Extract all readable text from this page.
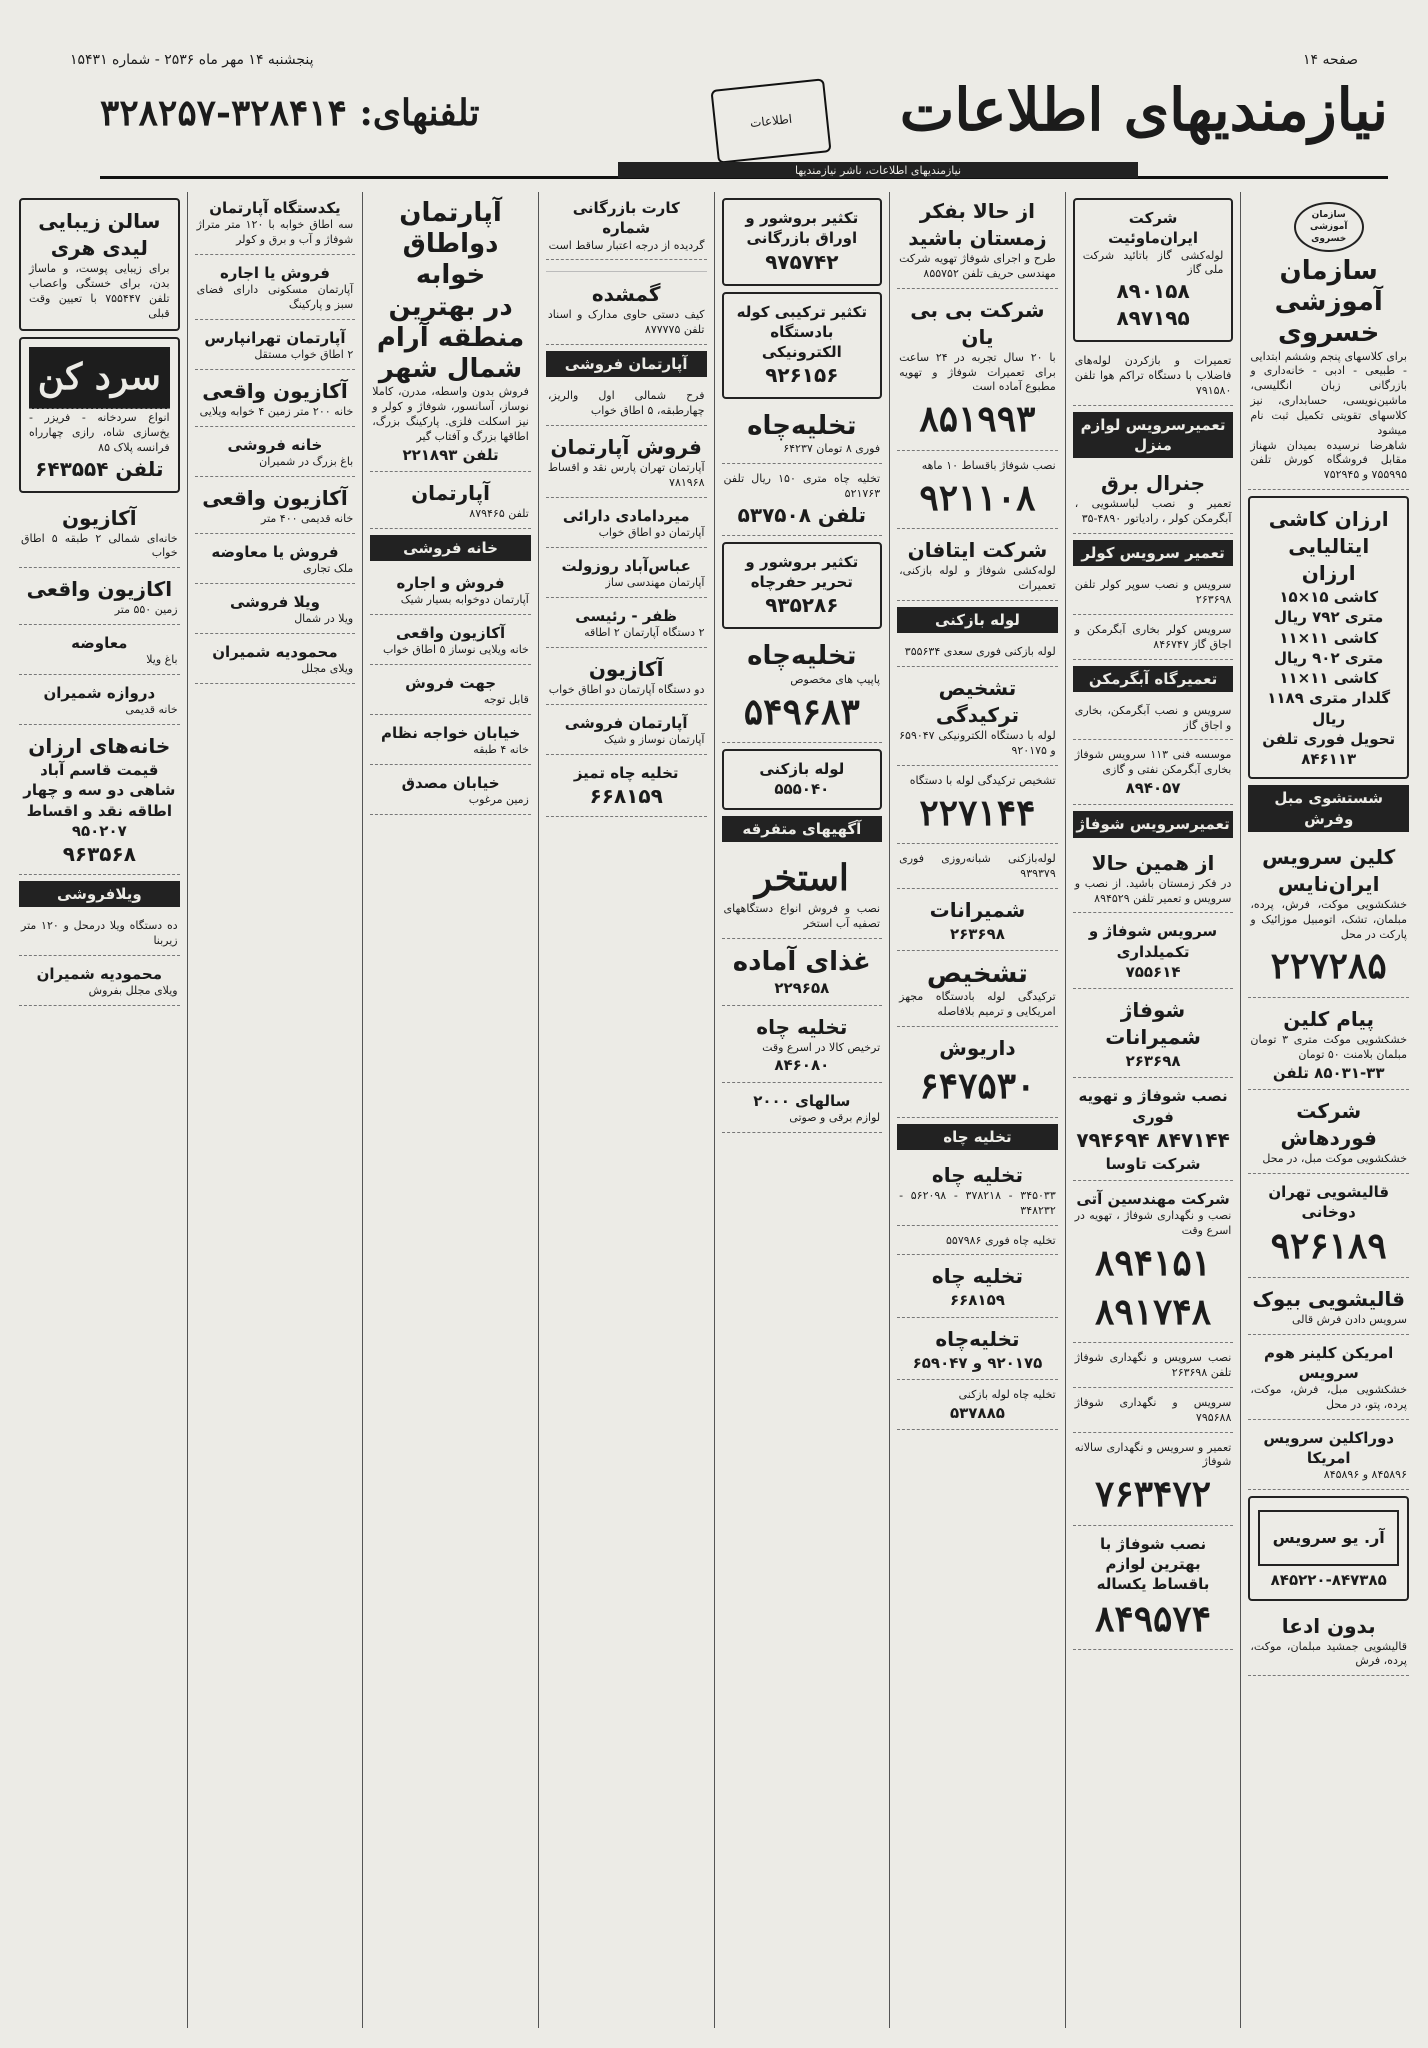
صفحه ۱۴
پنجشنبه ۱۴ مهر ماه ۲۵۳۶ - شماره ۱۵۴۳۱
نیازمندیهای اطلاعات
اطلاعات
تلفنهای: ۳۲۸۴۱۴-۳۲۸۲۵۷
نیازمندیهای اطلاعات، ناشر نیازمندیها
سازمان آموزشی خسروی
سازمان آموزشی خسروی
برای کلاسهای پنجم وششم ابتدایی - طبیعی - ادبی - خانه‌داری و بازرگانی زبان انگلیسی، ماشین‌نویسی، حسابداری، نیز کلاسهای تقویتی تکمیل ثبت نام میشود
شاهرضا نرسیده بمیدان شهناز مقابل فروشگاه کورش تلفن ۷۵۵۹۹۵ و ۷۵۲۹۴۵
ارزان کاشی ایتالیایی ارزان
کاشی ۱۵×۱۵ متری ۷۹۲ ریال
کاشی ۱۱×۱۱ متری ۹۰۲ ریال
کاشی ۱۱×۱۱ گلدار متری ۱۱۸۹ ریال
تحویل فوری تلفن ۸۴۶۱۱۳
شستشوی مبل وفرش
کلین سرویس ایران‌نایس
خشکشویی موکت، فرش، پرده، مبلمان، تشک، اتومبیل موزائیک و پارکت در محل
۲۲۷۲۸۵
پیام کلین
خشکشویی موکت متری ۳ تومان مبلمان بلامنت ۵۰ تومان
۸۵۰۳۱-۳۳ تلفن
شرکت فوردهاش
خشکشویی موکت مبل، در محل
قالیشویی تهران دوخانی
۹۲۶۱۸۹
قالیشویی بیوک
سرویس دادن فرش قالی
امریکن کلینر هوم سرویس
خشکشویی مبل، فرش، موکت، پرده، پتو، در محل
دوراکلین سرویس امریکا
۸۴۵۸۹۶ و ۸۴۵۸۹۶
آر. یو سرویس
۸۴۵۲۲۰-۸۴۷۳۸۵
بدون ادعا
قالیشویی جمشید مبلمان، موکت، پرده، فرش
شرکت ایران‌ماوئیت
لوله‌کشی گاز باتائید شرکت ملی گاز
۸۹۰۱۵۸ ۸۹۷۱۹۵
تعمیرات و بازکردن لوله‌های فاضلاب با دستگاه تراکم هوا تلفن ۷۹۱۵۸۰
تعمیرسرویس لوازم منزل
جنرال برق
تعمیر و نصب لباسشویی ، آبگرمکن کولر ، رادیاتور ۴۸۹۰-۳۵
تعمیر سرویس کولر
سرویس و نصب سوپر کولر تلفن ۲۶۳۶۹۸
سرویس کولر بخاری آبگرمکن و اجاق گاز ۸۴۶۷۴۷
تعمیرگاه آبگرمکن
سرویس و نصب آبگرمکن، بخاری و اجاق گاز
موسسه فنی ۱۱۳ سرویس شوفاژ بخاری آبگرمکن نفتی و گازی
۸۹۴۰۵۷
تعمیرسرویس شوفاژ
از همین حالا
در فکر زمستان باشید. از نصب و سرویس و تعمیر تلفن ۸۹۴۵۲۹
سرویس شوفاژ و تکمیلداری
۷۵۵۶۱۴
شوفاژ شمیرانات
۲۶۳۶۹۸
نصب شوفاژ و تهویه فوری
۸۴۷۱۴۴ ۷۹۴۶۹۴
شرکت تاوسا
شرکت مهندسین آتی
نصب و نگهداری شوفاژ ، تهویه در اسرع وقت
۸۹۴۱۵۱ ۸۹۱۷۴۸
نصب سرویس و نگهداری شوفاژ تلفن ۲۶۳۶۹۸
سرویس و نگهداری شوفاژ ۷۹۵۶۸۸
تعمیر و سرویس و نگهداری سالانه شوفاژ
۷۶۳۴۷۲
نصب شوفاژ با بهترین لوازم باقساط یکساله
۸۴۹۵۷۴
از حالا بفکر زمستان باشید
طرح و اجرای شوفاژ تهویه شرکت مهندسی حریف تلفن ۸۵۵۷۵۲
شرکت بی بی یان
با ۲۰ سال تجربه در ۲۴ ساعت برای تعمیرات شوفاژ و تهویه مطبوع آماده است
۸۵۱۹۹۳
نصب شوفاژ باقساط ۱۰ ماهه
۹۲۱۱۰۸
شرکت ایتافان
لوله‌کشی شوفاژ و لوله بازکنی، تعمیرات
لوله بازکنی
لوله بازکنی فوری سعدی ۳۵۵۶۳۴
تشخیص ترکیدگی
لوله با دستگاه الکترونیکی ۶۵۹۰۴۷ و ۹۲۰۱۷۵
تشخیص ترکیدگی لوله با دستگاه
۲۲۷۱۴۴
لوله‌بازکنی شبانه‌روزی فوری ۹۳۹۳۷۹
شمیرانات
۲۶۳۶۹۸
تشخیص
ترکیدگی لوله بادستگاه مجهز امریکایی و ترمیم بلافاصله
داریوش
۶۴۷۵۳۰
تخلیه چاه
تخلیه چاه
۳۴۵۰۳۳ - ۳۷۸۲۱۸ - ۵۶۲۰۹۸ - ۳۴۸۲۳۲
تخلیه چاه فوری ۵۵۷۹۸۶
تخلیه چاه
۶۶۸۱۵۹
تخلیه‌چاه
۹۲۰۱۷۵ و ۶۵۹۰۴۷
تخلیه چاه لوله بازکنی
۵۳۷۸۸۵
تکثیر بروشور و اوراق بازرگانی
۹۷۵۷۴۲
تکثیر ترکیبی کوله بادستگاه الکترونیکی
۹۲۶۱۵۶
تخلیه‌چاه
فوری ۸ تومان ۶۴۲۳۷
تخلیه چاه متری ۱۵۰ ریال تلفن ۵۲۱۷۶۳
تلفن ۵۳۷۵۰۸
تکثیر بروشور و تحریر حفرچاه
۹۳۵۲۸۶
تخلیه‌چاه
پاپیپ های مخصوص
۵۴۹۶۸۳
لوله بازکنی
۵۵۵۰۴۰
آگهیهای متفرقه
استخر
نصب و فروش انواع دستگاههای تصفیه آب استخر
غذای آماده
۲۲۹۶۵۸
تخلیه چاه
ترخیص کالا در اسرع وقت
۸۴۶۰۸۰
سالهای ۲۰۰۰
لوازم برقی و صوتی
کارت بازرگانی شماره
گردیده از درجه اعتبار ساقط است
گمشده
کیف دستی حاوی مدارک و اسناد تلفن ۸۷۷۷۷۵
آپارتمان فروشی
فرح شمالی اول والریز، چهارطبقه، ۵ اطاق خواب
فروش آپارتمان
آپارتمان تهران پارس نقد و اقساط ۷۸۱۹۶۸
میردامادی دارائی
آپارتمان دو اطاق خواب
عباس‌آباد روزولت
آپارتمان مهندسی ساز
ظفر - رئیسی
۲ دستگاه آپارتمان ۲ اطاقه
آکازیون
دو دستگاه آپارتمان دو اطاق خواب
آپارتمان فروشی
آپارتمان نوساز و شیک
تخلیه چاه تمیز
۶۶۸۱۵۹
آپارتمان دواطاق خوابه
در بهترین منطقه آرام شمال شهر
فروش بدون واسطه، مدرن، کاملا نوساز، آسانسور، شوفاژ و کولر و نیز اسکلت فلزی. پارکینگ بزرگ، اطاقها بزرگ و آفتاب گیر
تلفن ۲۲۱۸۹۳
آپارتمان
تلفن ۸۷۹۴۶۵
خانه فروشی
فروش و اجاره
آپارتمان دوخوابه بسیار شیک
آکازیون واقعی
خانه ویلایی نوساز ۵ اطاق خواب
جهت فروش
قابل توجه
خیابان خواجه نظام
خانه ۴ طبقه
خیابان مصدق
زمین مرغوب
یکدستگاه آپارتمان
سه اطاق خوابه با ۱۲۰ متر متراژ شوفاژ و آب و برق و کولر
فروش یا اجاره
آپارتمان مسکونی دارای فضای سبز و پارکینگ
آپارتمان تهرانپارس
۲ اطاق خواب مستقل
آکازیون واقعی
خانه ۲۰۰ متر زمین ۴ خوابه ویلایی
خانه فروشی
باغ بزرگ در شمیران
آکازیون واقعی
خانه قدیمی ۴۰۰ متر
فروش یا معاوضه
ملک تجاری
ویلا فروشی
ویلا در شمال
محمودیه شمیران
ویلای مجلل
سالن زیبایی لیدی هری
برای زیبایی پوست، و ماساژ بدن، برای خستگی واعصاب تلفن ۷۵۵۴۴۷ با تعیین وقت قبلی
سرد کن
انواع سردخانه - فریزر - یخ‌سازی شاه، رازی چهارراه فرانسه پلاک ۸۵
تلفن ۶۴۳۵۵۴
آکازیون
خانه‌ای شمالی ۲ طبقه ۵ اطاق خواب
اکازیون واقعی
زمین ۵۵۰ متر
معاوضه
باغ ویلا
دروازه شمیران
خانه قدیمی
خانه‌های ارزان
قیمت قاسم آباد شاهی دو سه و چهار اطاقه نقد و اقساط ۹۵۰۲۰۷
۹۶۳۵۶۸
ویلافروشی
ده دستگاه ویلا درمحل و ۱۲۰ متر زیربنا
محمودیه شمیران
ویلای مجلل بفروش
